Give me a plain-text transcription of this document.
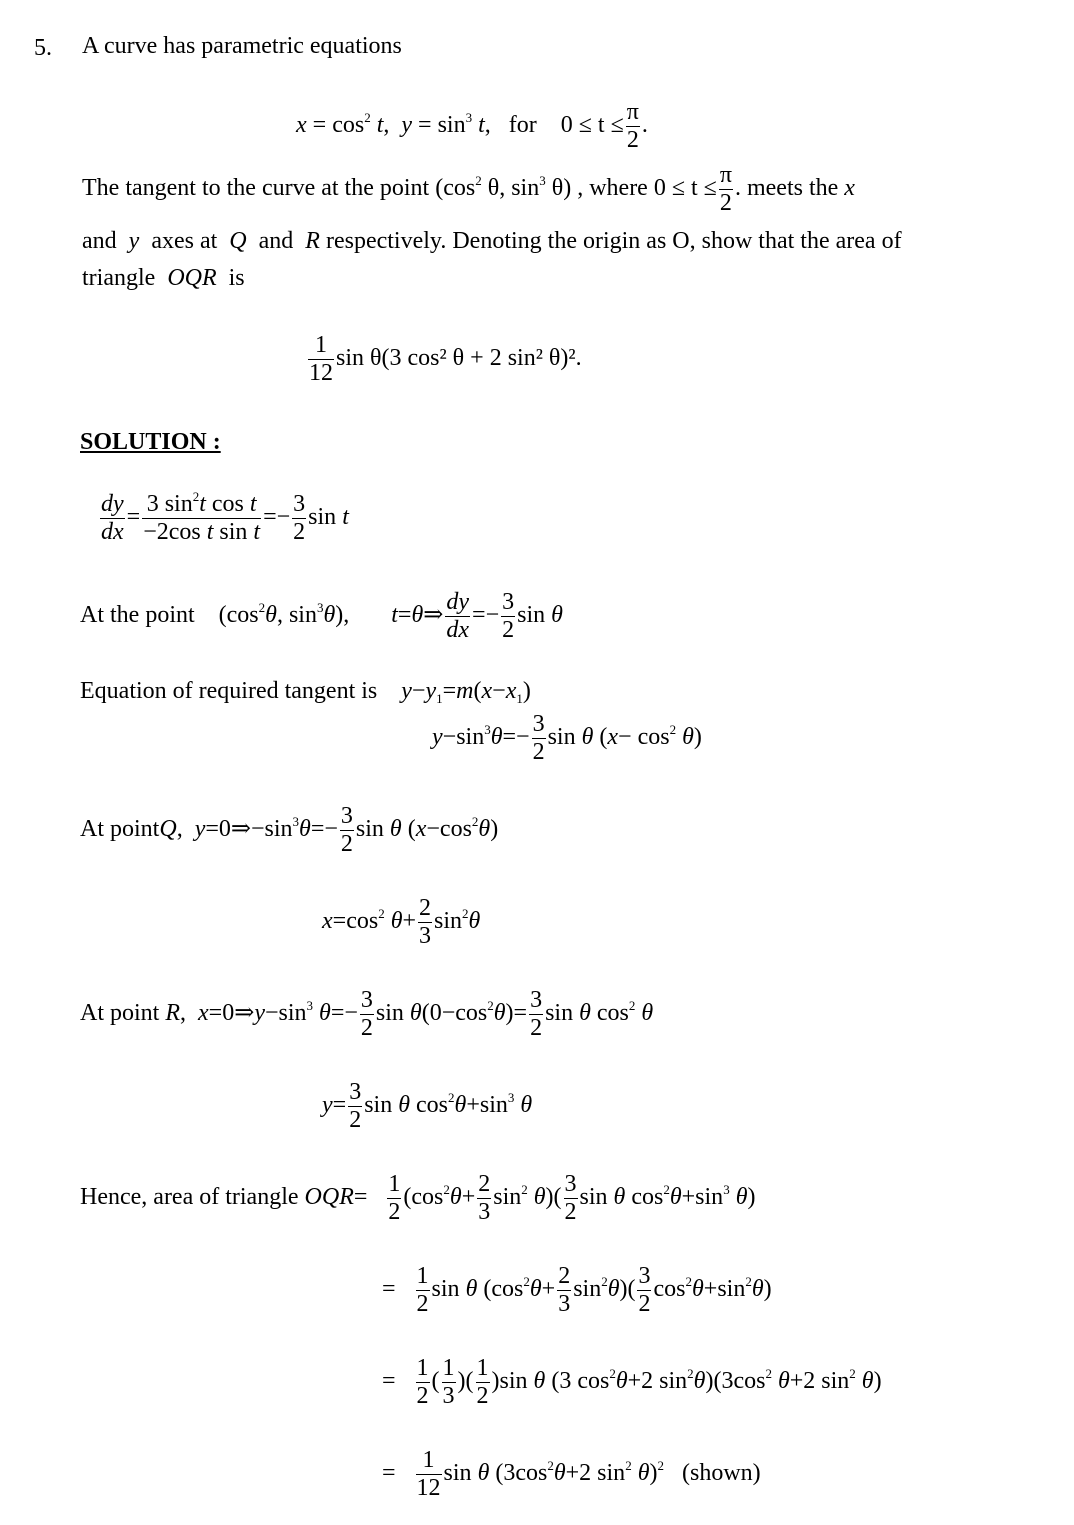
5. A curve has parametric equations
$x = \cos^2 t$,  $y = \sin^3 t$,   for $0 \le t \le \frac{\pi}{2}$ .
The tangent to the curve at the point ($\cos^2$ θ, $\sin^3 \theta$) , where $0 \le t \le \frac{\pi}{2}$ . meets the x
and  y axes at Q and R respectively. Denoting the origin as O, show that the area of
triangle OQR is
$\frac{1}{12}$ sin θ(3 cos² θ + 2 sin² θ)².
SOLUTION :
$\frac{dy}{dx} = \frac{3 \sin^2t \cos t}{\text{−2cos t sin t}} =- \frac{3}{2}$ sin t
At the point    ($\cos^2\theta$, $\sin^3\theta$),       t=θ⇒ $\frac{dy}{dx} =- \frac{3}{2}$ sin θ
Equation of required tangent is $y-y_1=m(x-x_1)$
$y-\sin^3\theta=- \frac{3}{2}$ sin θ $(x- \cos^2 \theta)$
At pointQ,  $y=0\Rightarrow-\sin^3\theta=- \frac{3}{2}$ sin θ $(x-\cos^2\theta)$
$x=\cos^2$ $\theta+ \frac{2}{3} \sin^2\theta$
At point R,  $x=0\Rightarrow y-\sin^3$ $\theta=- \frac{3}{2}$ $\sin \theta(0-\cos^2\theta)= \frac{3}{2}$ sin θ $\cos^2 \theta$
$y= \frac{3}{2}$ sin θ $\cos^2\theta+\sin^3$ θ
Hence, area of triangle $OQR= \frac{1}{2} (\cos^2\theta+ \frac{2}{3} \sin^2 \theta)( \frac{3}{2}$ sin θ $\cos^2\theta+\sin^3$ θ)
= $\frac{1}{2}$ sin θ $(\cos^2\theta+ \frac{2}{3} \sin^2\theta)( \frac{3}{2} \cos^2\theta+\sin^2\theta)$
= $\frac{1}{2}$ ( $\frac{1}{3}$ )( $\frac{1}{2} )\sin$ θ (3 $\cos^2\theta+2$ $\sin^2\theta)(3\cos^2$ θ+2 $\sin^2 \theta$)
= $\frac{1}{12}$ sin θ ($3\cos^2\theta+2$ $\sin^2 \theta)^2$ (shown)
